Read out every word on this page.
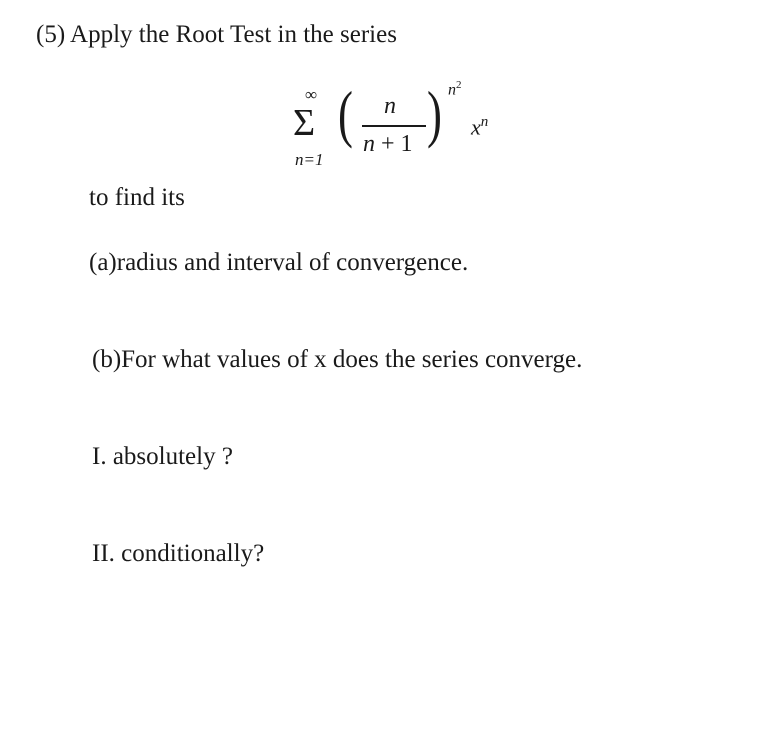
(5) Apply the Root Test in the series
∞
Σ
n=1
( n
n + 1 ) $n^2$
$x^n$
to find its
(a)radius and interval of convergence.
(b)For what values of x does the series converge.
I. absolutely ?
II. conditionally?
